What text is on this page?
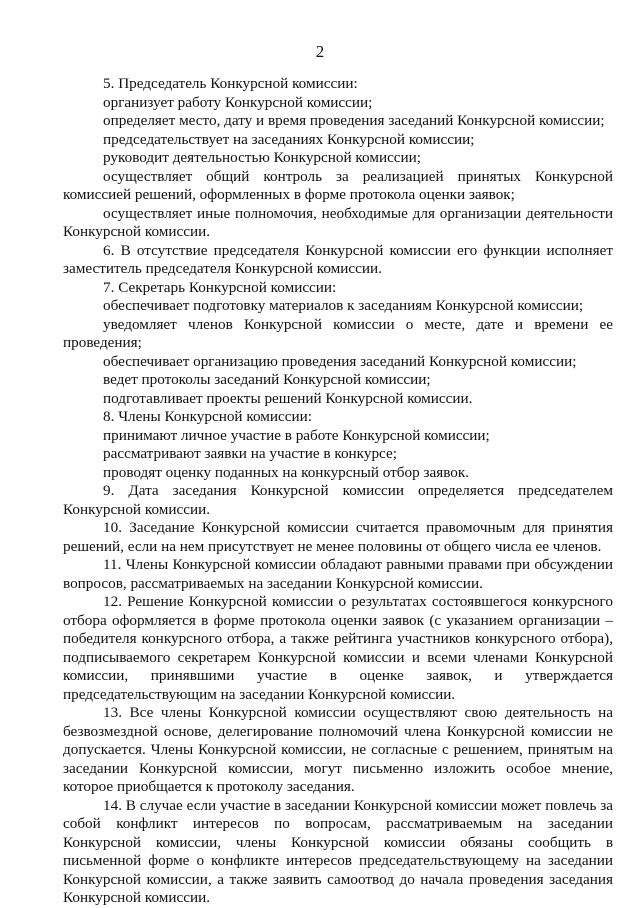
2

5. Председатель Конкурсной комиссии:

организует работу Конкурсной комиссии;

определяет место, дату и время проведения заседаний Конкурсной комиссии;

председательствует на заседаниях Конкурсной комиссии;

руководит деятельностью Конкурсной комиссии;

осуществляет общий контроль за реализацией принятых Конкурсной комиссией решений, оформленных в форме протокола оценки заявок;

осуществляет иные полномочия, необходимые для организации деятельности Конкурсной комиссии.

6. В отсутствие председателя Конкурсной комиссии его функции исполняет заместитель председателя Конкурсной комиссии.

7. Секретарь Конкурсной комиссии:

обеспечивает подготовку материалов к заседаниям Конкурсной комиссии;

уведомляет членов Конкурсной комиссии о месте, дате и времени ее проведения;

обеспечивает организацию проведения заседаний Конкурсной комиссии;

ведет протоколы заседаний Конкурсной комиссии;

подготавливает проекты решений Конкурсной комиссии.

8. Члены Конкурсной комиссии:

принимают личное участие в работе Конкурсной комиссии;

рассматривают заявки на участие в конкурсе;

проводят оценку поданных на конкурсный отбор заявок.

9. Дата заседания Конкурсной комиссии определяется председателем Конкурсной комиссии.

10. Заседание Конкурсной комиссии считается правомочным для принятия решений, если на нем присутствует не менее половины от общего числа ее членов.

11. Члены Конкурсной комиссии обладают равными правами при обсуждении вопросов, рассматриваемых на заседании Конкурсной комиссии.

12. Решение Конкурсной комиссии о результатах состоявшегося конкурсного отбора оформляется в форме протокола оценки заявок (с указанием организации – победителя конкурсного отбора, а также рейтинга участников конкурсного отбора), подписываемого секретарем Конкурсной комиссии и всеми членами Конкурсной комиссии, принявшими участие в оценке заявок, и утверждается председательствующим на заседании Конкурсной комиссии.

13. Все члены Конкурсной комиссии осуществляют свою деятельность на безвозмездной основе, делегирование полномочий члена Конкурсной комиссии не допускается. Члены Конкурсной комиссии, не согласные с решением, принятым на заседании Конкурсной комиссии, могут письменно изложить особое мнение, которое приобщается к протоколу заседания.

14. В случае если участие в заседании Конкурсной комиссии может повлечь за собой конфликт интересов по вопросам, рассматриваемым на заседании Конкурсной комиссии, члены Конкурсной комиссии обязаны сообщить в письменной форме о конфликте интересов председательствующему на заседании Конкурсной комиссии, а также заявить самоотвод до начала проведения заседания Конкурсной комиссии.
